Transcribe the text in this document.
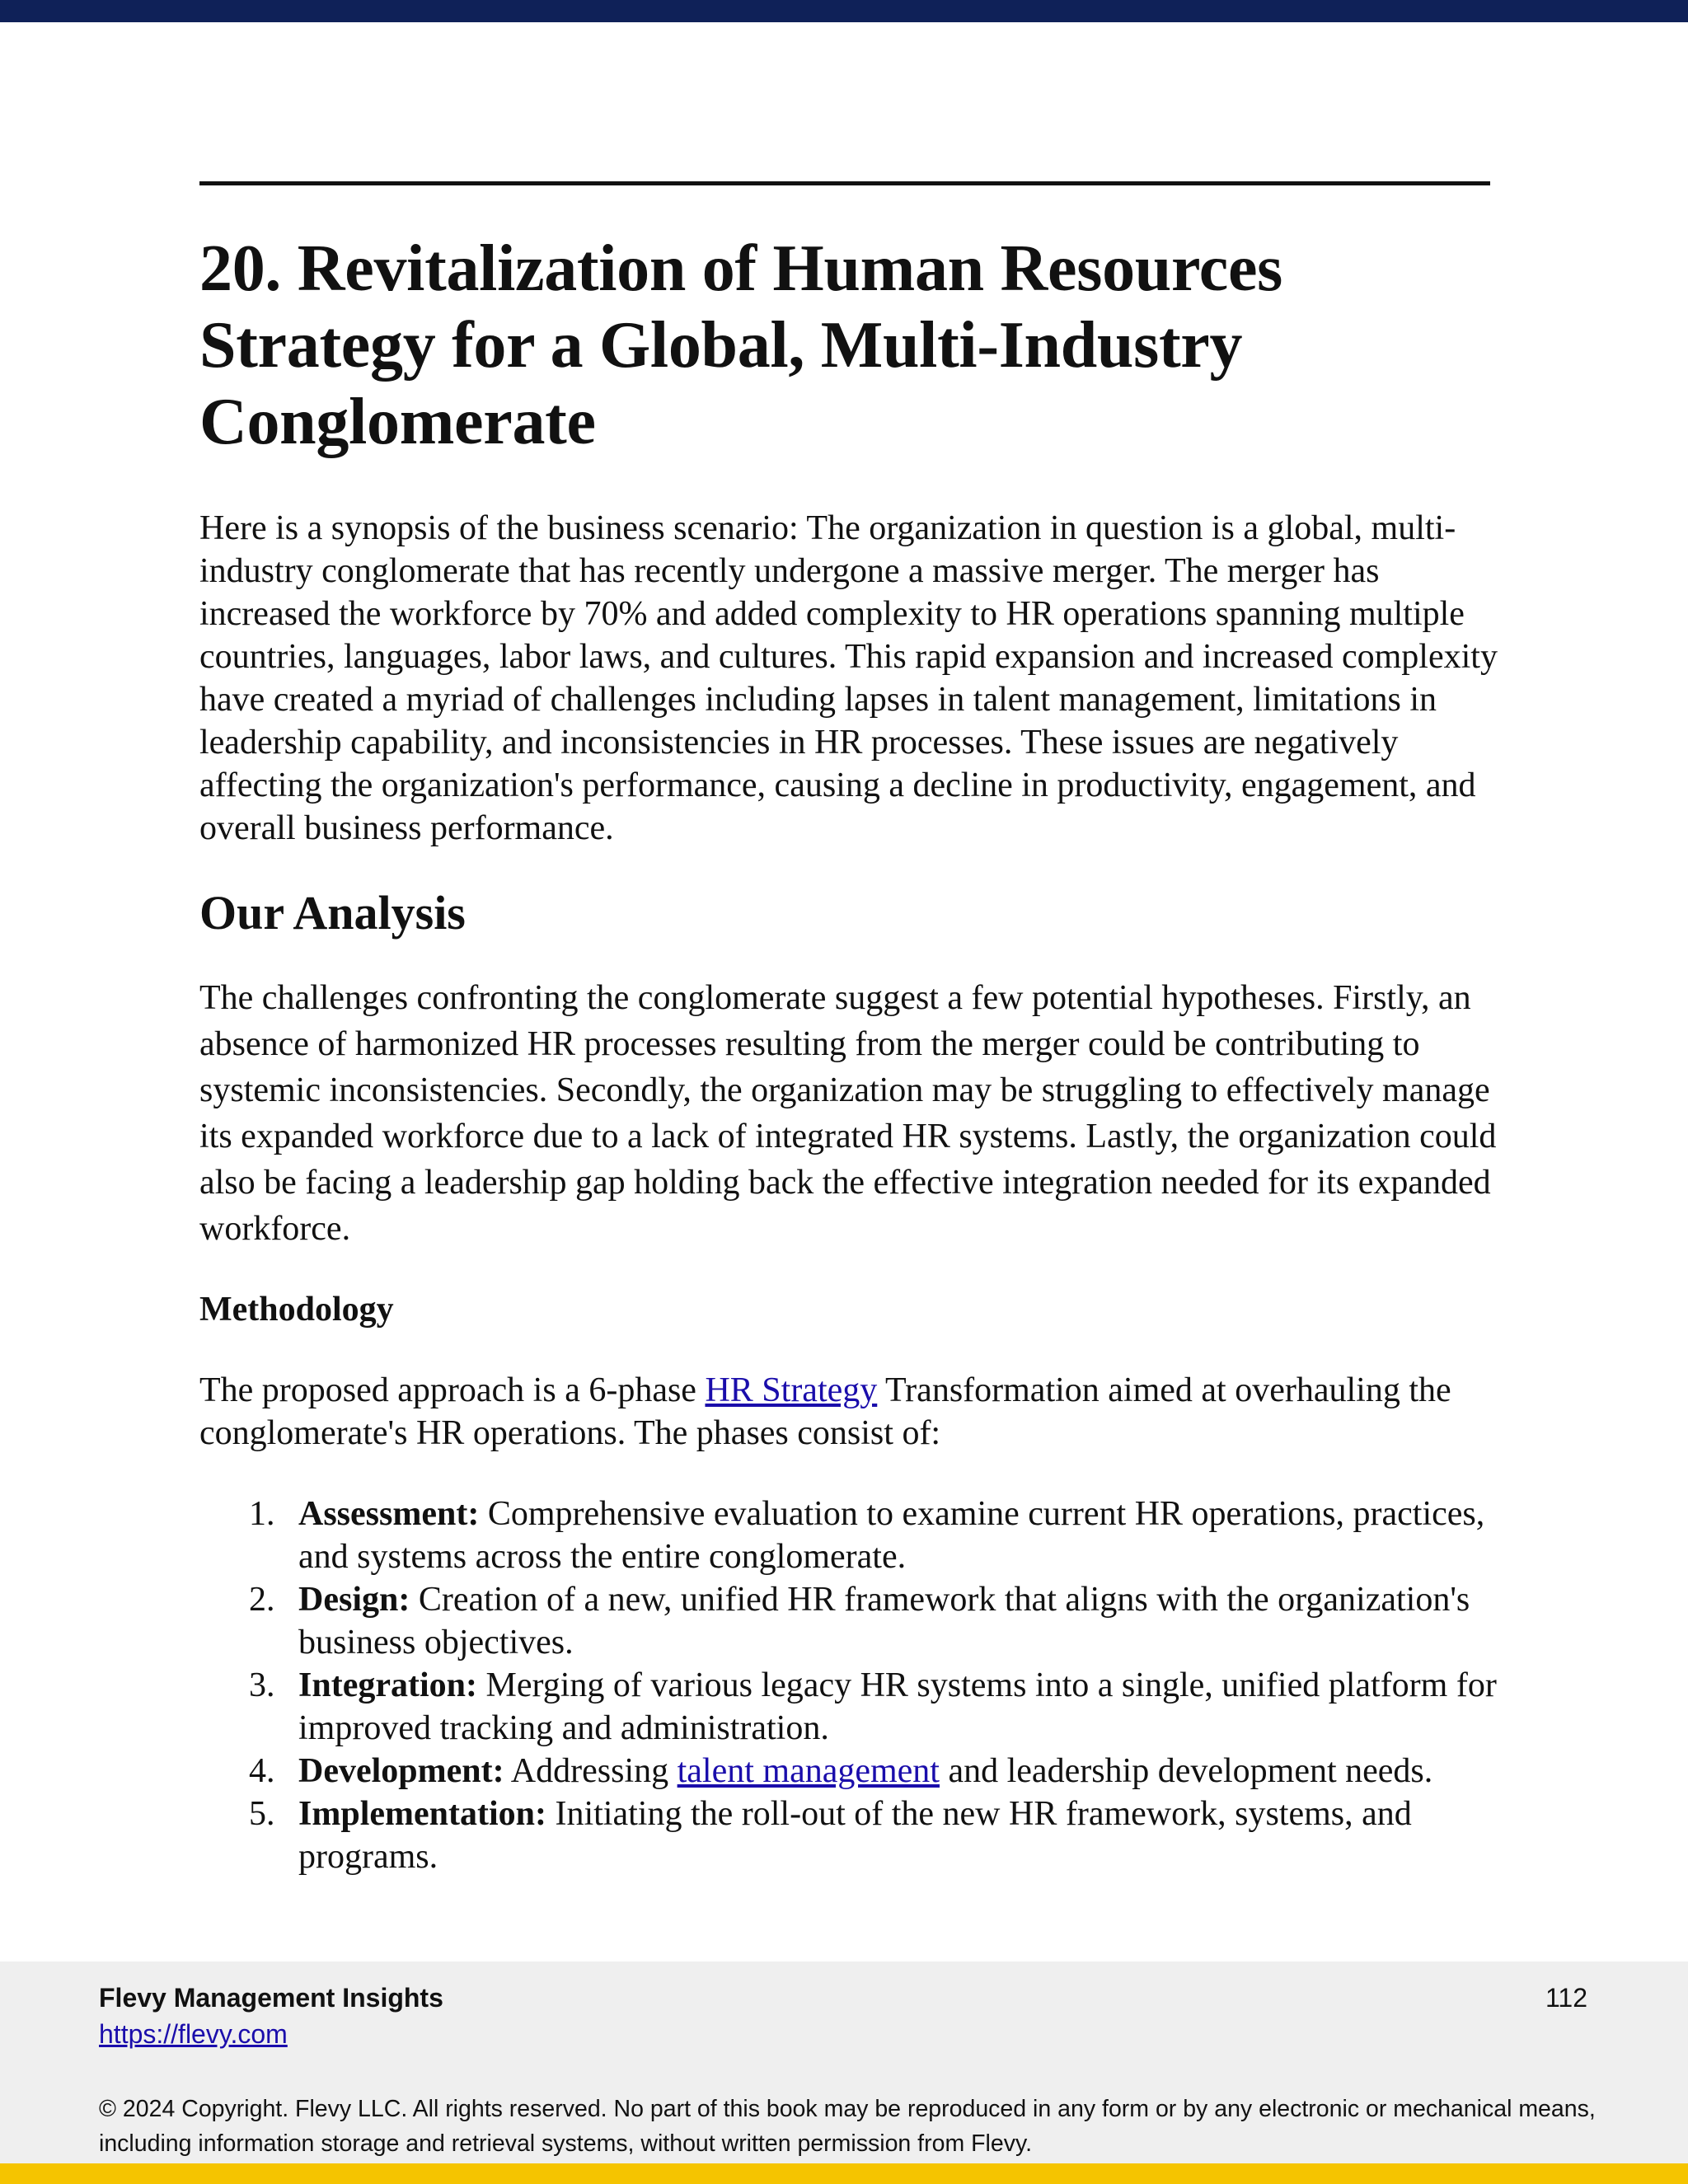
20. Revitalization of Human Resources Strategy for a Global, Multi-Industry Conglomerate

Here is a synopsis of the business scenario: The organization in question is a global, multi-industry conglomerate that has recently undergone a massive merger. The merger has increased the workforce by 70% and added complexity to HR operations spanning multiple countries, languages, labor laws, and cultures. This rapid expansion and increased complexity have created a myriad of challenges including lapses in talent management, limitations in leadership capability, and inconsistencies in HR processes. These issues are negatively affecting the organization's performance, causing a decline in productivity, engagement, and overall business performance.

Our Analysis

The challenges confronting the conglomerate suggest a few potential hypotheses. Firstly, an absence of harmonized HR processes resulting from the merger could be contributing to systemic inconsistencies. Secondly, the organization may be struggling to effectively manage its expanded workforce due to a lack of integrated HR systems. Lastly, the organization could also be facing a leadership gap holding back the effective integration needed for its expanded workforce.

Methodology

The proposed approach is a 6-phase HR Strategy Transformation aimed at overhauling the conglomerate's HR operations. The phases consist of:

1. Assessment: Comprehensive evaluation to examine current HR operations, practices, and systems across the entire conglomerate.
2. Design: Creation of a new, unified HR framework that aligns with the organization's business objectives.
3. Integration: Merging of various legacy HR systems into a single, unified platform for improved tracking and administration.
4. Development: Addressing talent management and leadership development needs.
5. Implementation: Initiating the roll-out of the new HR framework, systems, and programs.
Flevy Management Insights
https://flevy.com
112
© 2024 Copyright. Flevy LLC. All rights reserved. No part of this book may be reproduced in any form or by any electronic or mechanical means, including information storage and retrieval systems, without written permission from Flevy.
